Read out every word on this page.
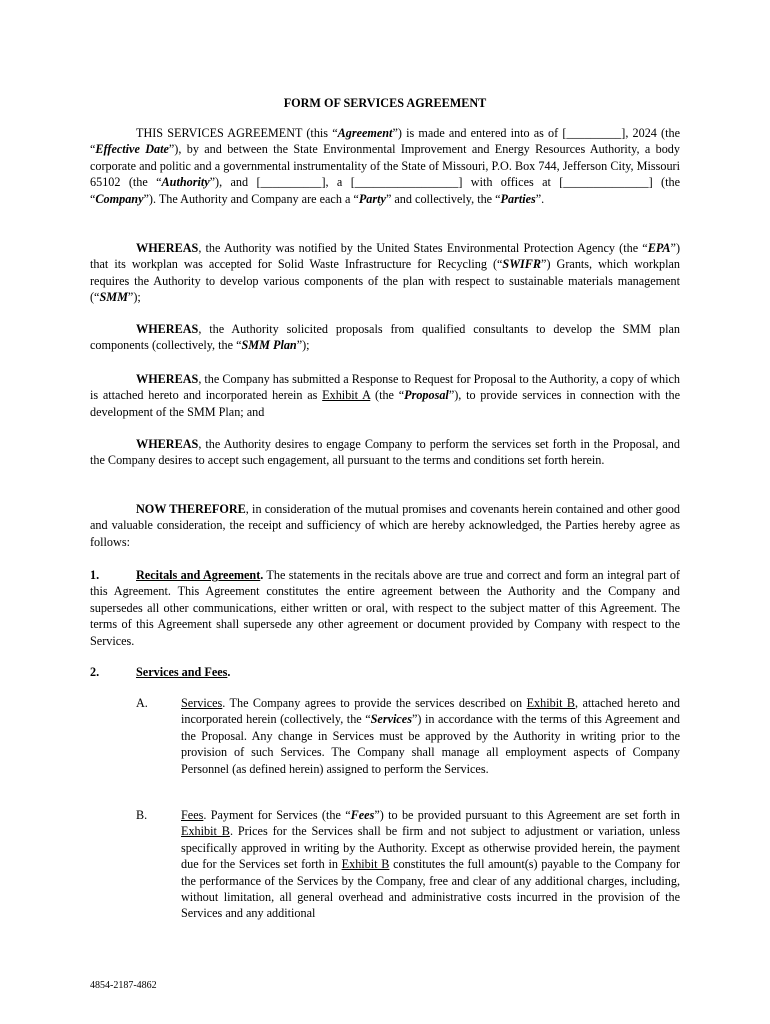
FORM OF SERVICES AGREEMENT

THIS SERVICES AGREEMENT (this “Agreement”) is made and entered into as of [_________], 2024 (the “Effective Date”), by and between the State Environmental Improvement and Energy Resources Authority, a body corporate and politic and a governmental instrumentality of the State of Missouri, P.O. Box 744, Jefferson City, Missouri 65102 (the “Authority”), and [__________], a [_________________] with offices at [______________] (the “Company”). The Authority and Company are each a “Party” and collectively, the “Parties”.

WHEREAS, the Authority was notified by the United States Environmental Protection Agency (the “EPA”) that its workplan was accepted for Solid Waste Infrastructure for Recycling (“SWIFR”) Grants, which workplan requires the Authority to develop various components of the plan with respect to sustainable materials management (“SMM”);

WHEREAS, the Authority solicited proposals from qualified consultants to develop the SMM plan components (collectively, the “SMM Plan”);

WHEREAS, the Company has submitted a Response to Request for Proposal to the Authority, a copy of which is attached hereto and incorporated herein as Exhibit A (the “Proposal”), to provide services in connection with the development of the SMM Plan; and

WHEREAS, the Authority desires to engage Company to perform the services set forth in the Proposal, and the Company desires to accept such engagement, all pursuant to the terms and conditions set forth herein.

NOW THEREFORE, in consideration of the mutual promises and covenants herein contained and other good and valuable consideration, the receipt and sufficiency of which are hereby acknowledged, the Parties hereby agree as follows:

1.	Recitals and Agreement. The statements in the recitals above are true and correct and form an integral part of this Agreement. This Agreement constitutes the entire agreement between the Authority and the Company and supersedes all other communications, either written or oral, with respect to the subject matter of this Agreement. The terms of this Agreement shall supersede any other agreement or document provided by Company with respect to the Services.

2.	Services and Fees.
A.	Services. The Company agrees to provide the services described on Exhibit B, attached hereto and incorporated herein (collectively, the “Services”) in accordance with the terms of this Agreement and the Proposal. Any change in Services must be approved by the Authority in writing prior to the provision of such Services. The Company shall manage all employment aspects of Company Personnel (as defined herein) assigned to perform the Services.

B.	Fees. Payment for Services (the “Fees”) to be provided pursuant to this Agreement are set forth in Exhibit B. Prices for the Services shall be firm and not subject to adjustment or variation, unless specifically approved in writing by the Authority. Except as otherwise provided herein, the payment due for the Services set forth in Exhibit B constitutes the full amount(s) payable to the Company for the performance of the Services by the Company, free and clear of any additional charges, including, without limitation, all general overhead and administrative costs incurred in the provision of the Services and any additional

4854-2187-4862
